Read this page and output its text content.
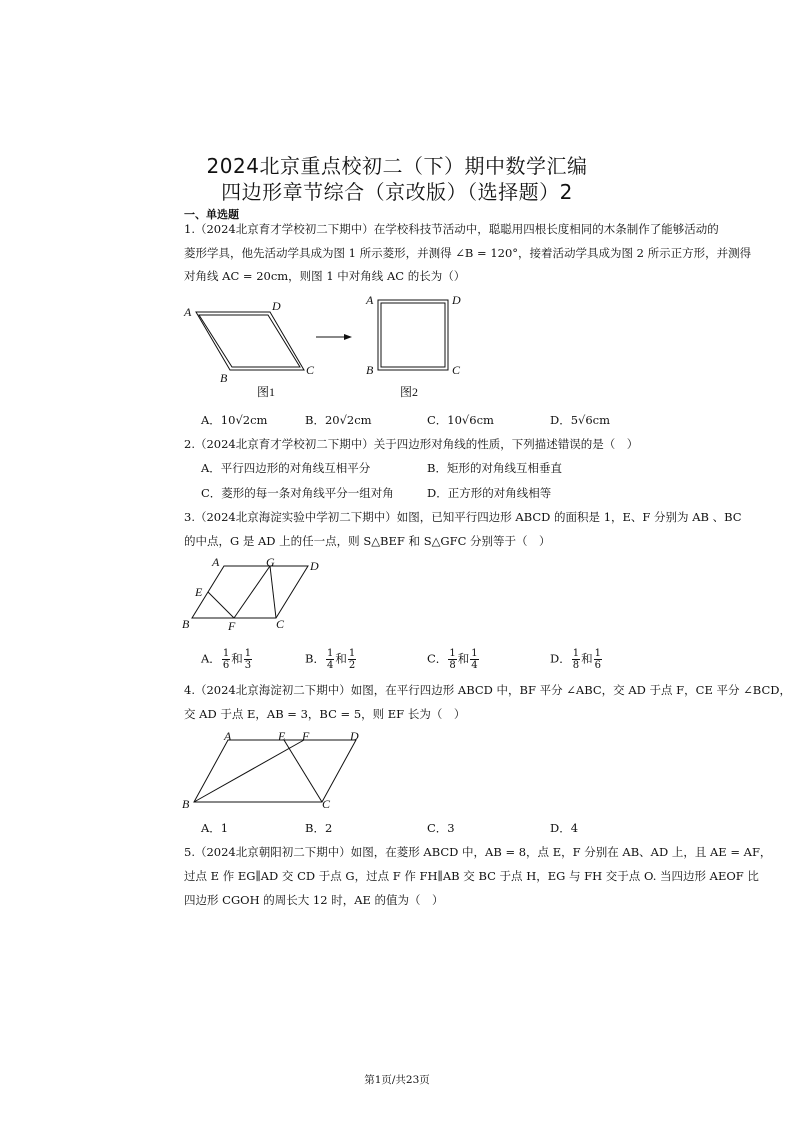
2024北京重点校初二（下）期中数学汇编
四边形章节综合（京改版）（选择题）2
一、单选题
1.（2024北京育才学校初二下期中）在学校科技节活动中，聪聪用四根长度相同的木条制作了能够活动的
菱形学具，他先活动学具成为图 1 所示菱形，并测得 ∠B = 120°，接着活动学具成为图 2 所示正方形，并测得
对角线 AC = 20cm，则图 1 中对角线 AC 的长为（）
A	D
B
C
A	D
B	C
图1	图2
A．10√2cm	B．20√2cm	C．10√6cm	D．5√6cm
2.（2024北京育才学校初二下期中）关于四边形对角线的性质，下列描述错误的是（　）
A．平行四边形的对角线互相平分	B．矩形的对角线互相垂直
C．菱形的每一条对角线平分一组对角	D．正方形的对角线相等
3.（2024北京海淀实验中学初二下期中）如图，已知平行四边形 ABCD 的面积是 1，E、F 分别为 AB 、BC
的中点，G 是 AD 上的任一点，则 S△BEF 和 S△GFC 分别等于（　）
A	G	D
E
B	F	C
A． $\frac{1}{6}$ 和 $\frac{1}{3}$	B． $\frac{1}{4}$ 和 $\frac{1}{2}$	C． $\frac{1}{8}$ 和 $\frac{1}{4}$	D． $\frac{1}{8}$ 和 $\frac{1}{6}$
4.（2024北京海淀初二下期中）如图，在平行四边形 ABCD 中，BF 平分 ∠ABC，交 AD 于点 F，CE 平分 ∠BCD，
交 AD 于点 E，AB = 3，BC = 5，则 EF 长为（　）
A	E F	D
B	C
A．1	B．2	C．3	D．4
5.（2024北京朝阳初二下期中）如图，在菱形 ABCD 中，AB = 8，点 E，F 分别在 AB、AD 上，且 AE = AF，
过点 E 作 EG∥AD 交 CD 于点 G，过点 F 作 FH∥AB 交 BC 于点 H，EG 与 FH 交于点 O. 当四边形 AEOF 比
四边形 CGOH 的周长大 12 时，AE 的值为（　）
第1页/共23页
